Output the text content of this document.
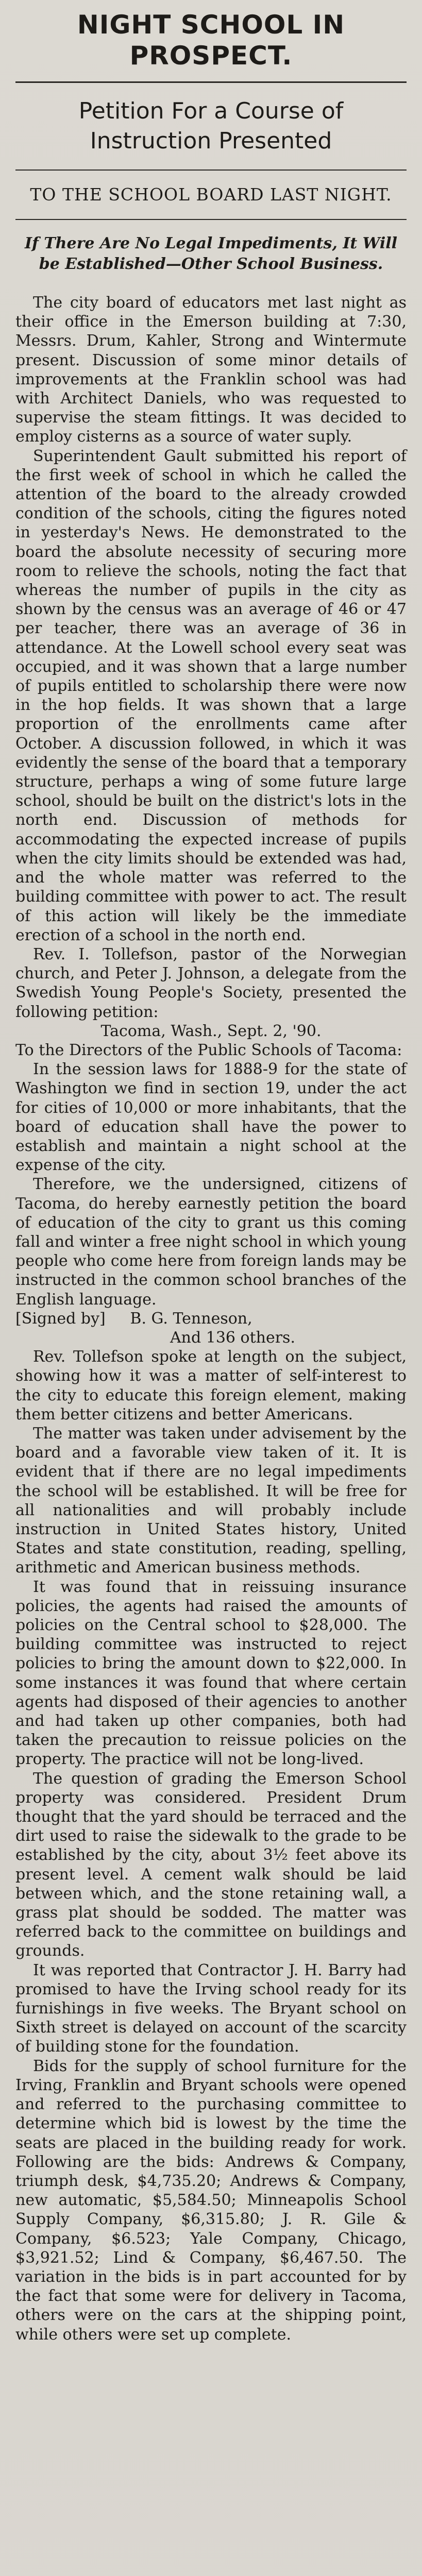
NIGHT SCHOOL IN PROSPECT.
Petition For a Course of Instruction Presented
TO THE SCHOOL BOARD LAST NIGHT.
If There Are No Legal Impediments, It Will be Established—Other School Business.

The city board of educators met last night as their office in the Emerson building at 7:30, Messrs. Drum, Kahler, Strong and Wintermute present. Discussion of some minor details of improvements at the Franklin school was had with Architect Daniels, who was requested to supervise the steam fittings. It was decided to employ cisterns as a source of water suply.

Superintendent Gault submitted his report of the first week of school in which he called the attention of the board to the already crowded condition of the schools, citing the figures noted in yesterday's News. He demonstrated to the board the absolute necessity of securing more room to relieve the schools, noting the fact that whereas the number of pupils in the city as shown by the census was an average of 46 or 47 per teacher, there was an average of 36 in attendance. At the Lowell school every seat was occupied, and it was shown that a large number of pupils entitled to scholarship there were now in the hop fields. It was shown that a large proportion of the enrollments came after October. A discussion followed, in which it was evidently the sense of the board that a temporary structure, perhaps a wing of some future large school, should be built on the district's lots in the north end. Discussion of methods for accommodating the expected increase of pupils when the city limits should be extended was had, and the whole matter was referred to the building committee with power to act. The result of this action will likely be the immediate erection of a school in the north end.

Rev. I. Tollefson, pastor of the Norwegian church, and Peter J. Johnson, a delegate from the Swedish Young People's Society, presented the following petition:

Tacoma, Wash., Sept. 2, '90.

To the Directors of the Public Schools of Tacoma:

In the session laws for 1888-9 for the state of Washington we find in section 19, under the act for cities of 10,000 or more inhabitants, that the board of education shall have the power to establish and maintain a night school at the expense of the city.

Therefore, we the undersigned, citizens of Tacoma, do hereby earnestly petition the board of education of the city to grant us this coming fall and winter a free night school in which young people who come here from foreign lands may be instructed in the common school branches of the English language.

[Signed by]     B. G. Tenneson,

And 136 others.

Rev. Tollefson spoke at length on the subject, showing how it was a matter of self-interest to the city to educate this foreign element, making them better citizens and better Americans.

The matter was taken under advisement by the board and a favorable view taken of it. It is evident that if there are no legal impediments the school will be established. It will be free for all nationalities and will probably include instruction in United States history, United States and state constitution, reading, spelling, arithmetic and American business methods.

It was found that in reissuing insurance policies, the agents had raised the amounts of policies on the Central school to $28,000. The building committee was instructed to reject policies to bring the amount down to $22,000. In some instances it was found that where certain agents had disposed of their agencies to another and had taken up other companies, both had taken the precaution to reissue policies on the property. The practice will not be long-lived.

The question of grading the Emerson School property was considered. President Drum thought that the yard should be terraced and the dirt used to raise the sidewalk to the grade to be established by the city, about 3½ feet above its present level. A cement walk should be laid between which, and the stone retaining wall, a grass plat should be sodded. The matter was referred back to the committee on buildings and grounds.

It was reported that Contractor J. H. Barry had promised to have the Irving school ready for its furnishings in five weeks. The Bryant school on Sixth street is delayed on account of the scarcity of building stone for the foundation.

Bids for the supply of school furniture for the Irving, Franklin and Bryant schools were opened and referred to the purchasing committee to determine which bid is lowest by the time the seats are placed in the building ready for work. Following are the bids: Andrews & Company, triumph desk, $4,735.20; Andrews & Company, new automatic, $5,584.50; Minneapolis School Supply Company, $6,315.80; J. R. Gile & Company, $6.523; Yale Company, Chicago, $3,921.52; Lind & Company, $6,467.50. The variation in the bids is in part accounted for by the fact that some were for delivery in Tacoma, others were on the cars at the shipping point, while others were set up complete.
